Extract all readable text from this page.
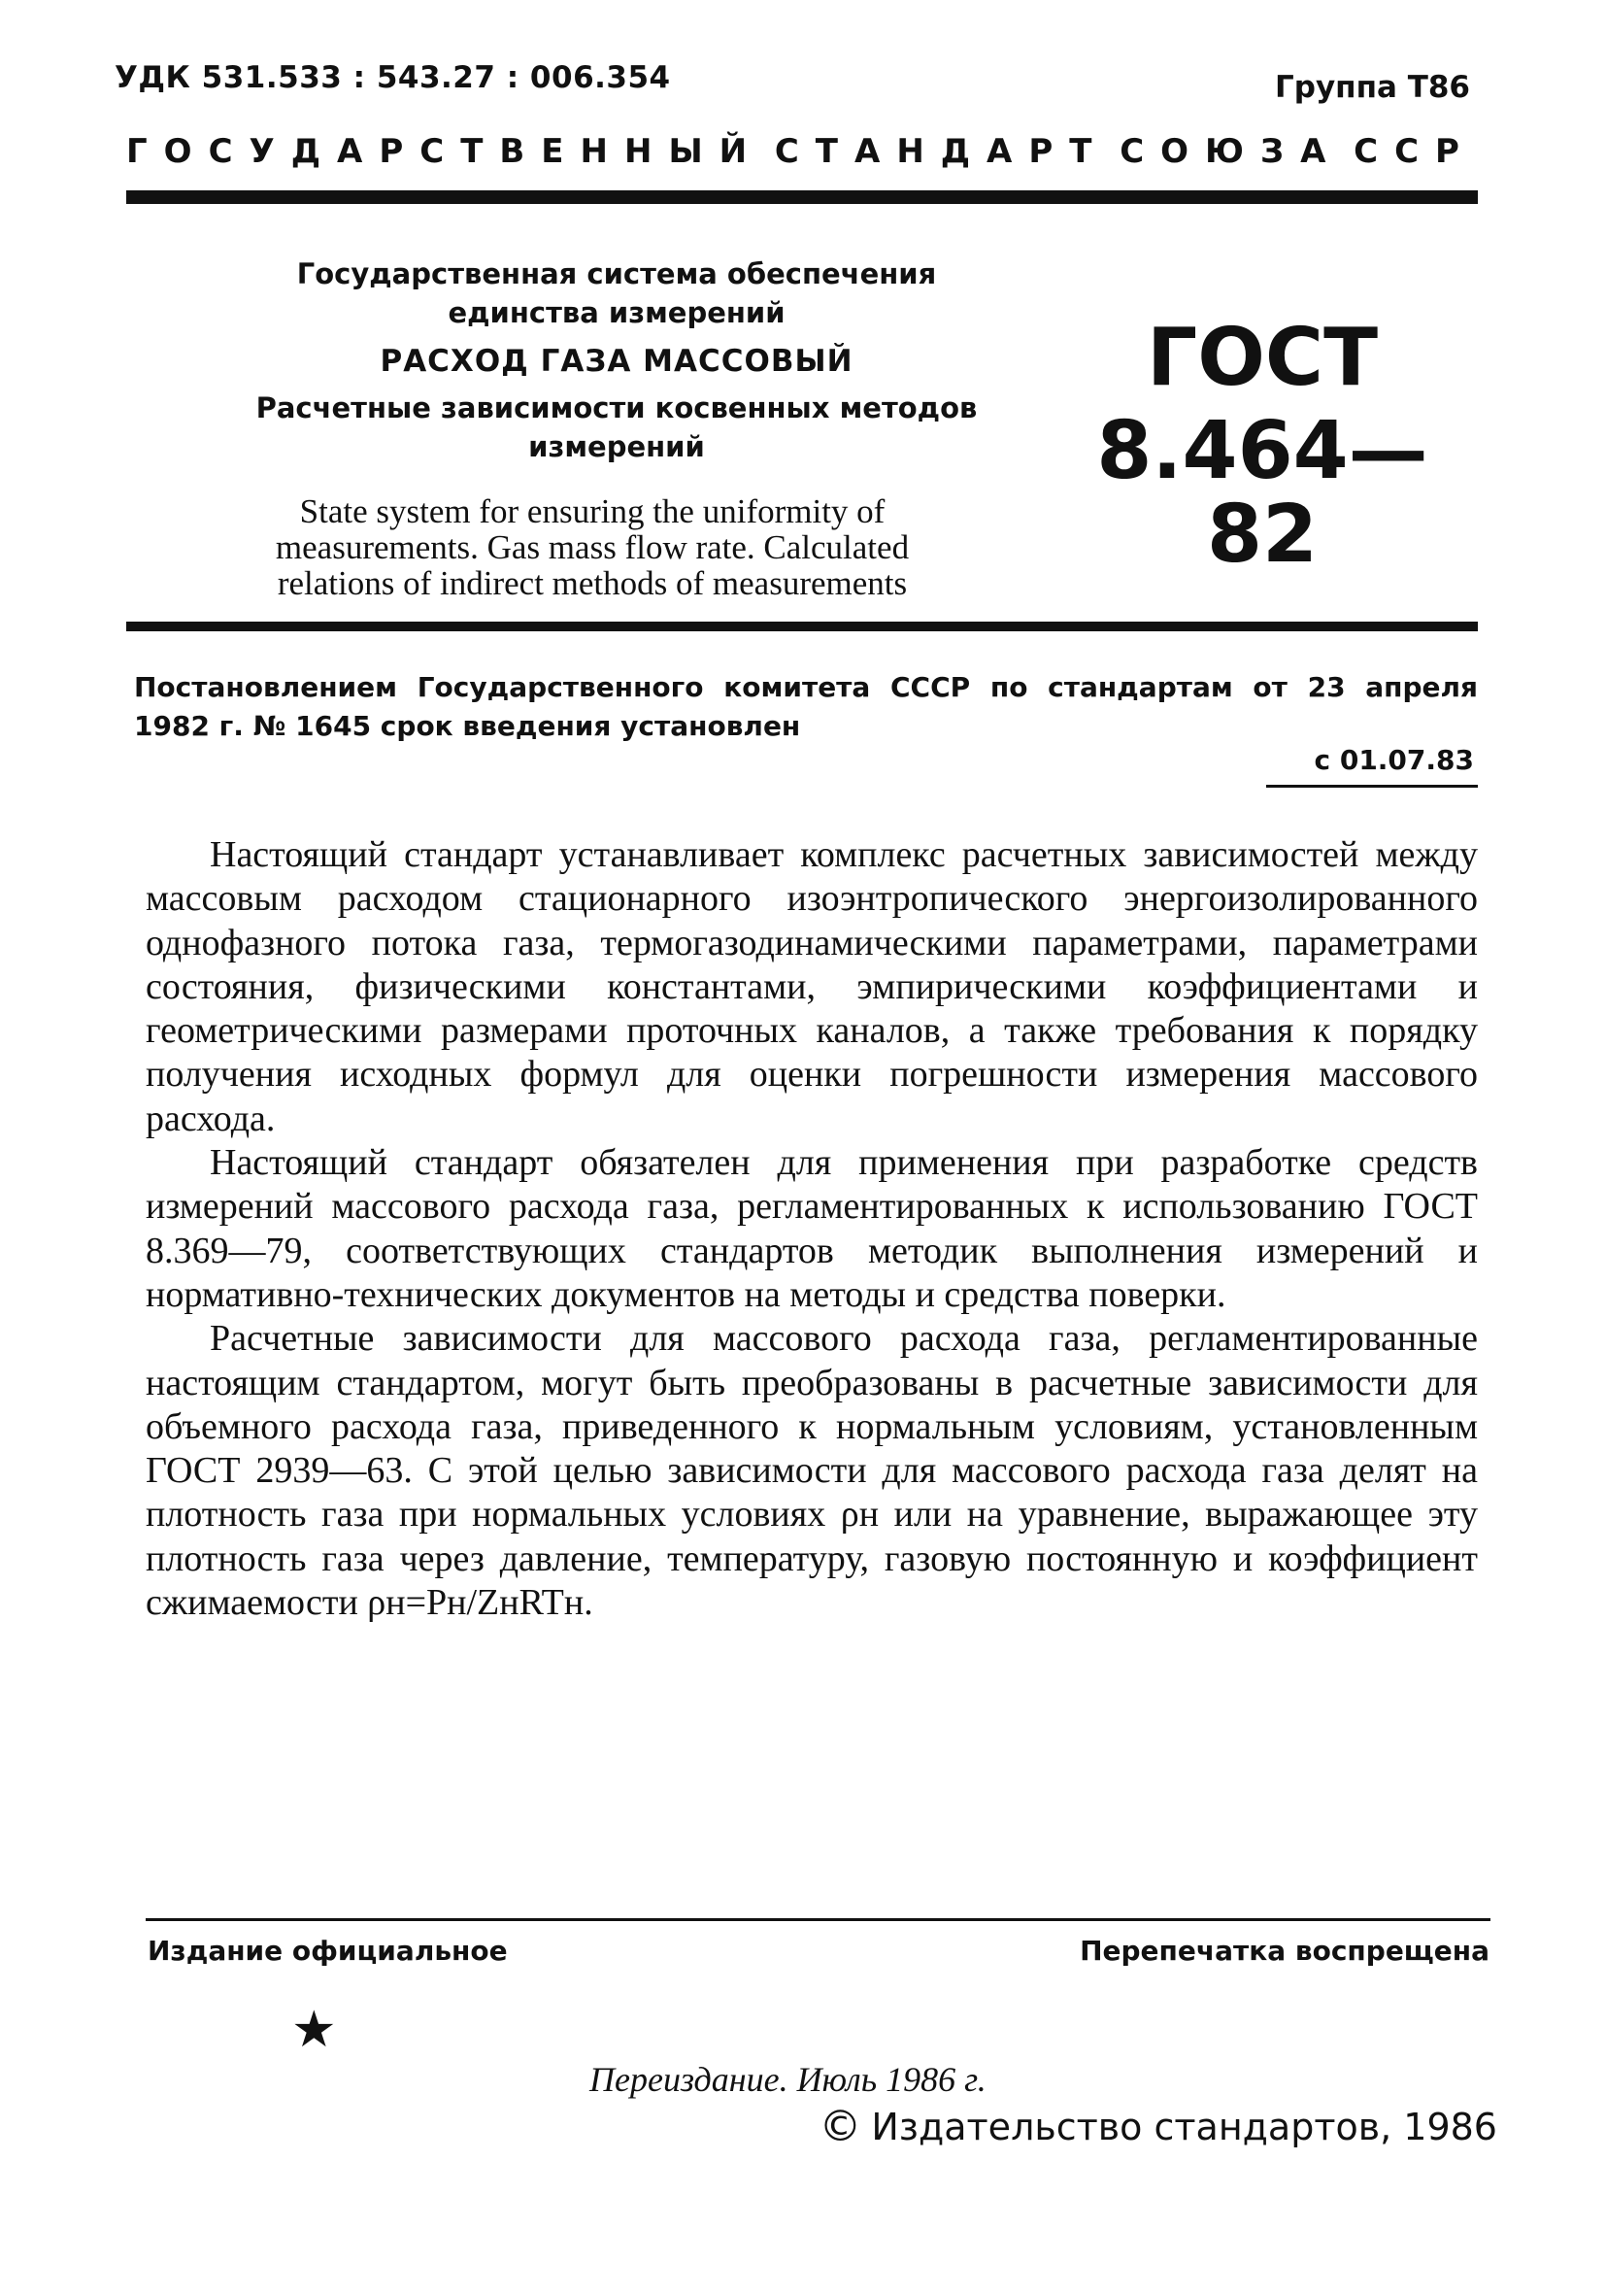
УДК 531.533 : 543.27 : 006.354	Группа Т86
ГОСУДАРСТВЕННЫЙ СТАНДАРТ СОЮЗА ССР
Государственная система обеспечения
единства измерений
РАСХОД ГАЗА МАССОВЫЙ
Расчетные зависимости косвенных методов
измерений
State system for ensuring the uniformity of
measurements. Gas mass flow rate. Calculated
relations of indirect methods of measurements
ГОСТ
8.464—82
Постановлением Государственного комитета СССР по стандартам от 23 апреля 1982 г. № 1645 срок введения установлен
с 01.07.83

Настоящий стандарт устанавливает комплекс расчетных зависимостей между массовым расходом стационарного изоэнтропического энергоизолированного однофазного потока газа, термогазодинамическими параметрами, параметрами состояния, физическими константами, эмпирическими коэффициентами и геометрическими размерами проточных каналов, а также требования к порядку получения исходных формул для оценки погрешности измерения массового расхода.

Настоящий стандарт обязателен для применения при разработке средств измерений массового расхода газа, регламентированных к использованию ГОСТ 8.369—79, соответствующих стандартов методик выполнения измерений и нормативно-технических документов на методы и средства поверки.

Расчетные зависимости для массового расхода газа, регламентированные настоящим стандартом, могут быть преобразованы в расчетные зависимости для объемного расхода газа, приведенного к нормальным условиям, установленным ГОСТ 2939—63. С этой целью зависимости для массового расхода газа делят на плотность газа при нормальных условиях ρн или на уравнение, выражающее эту плотность газа через давление, температуру, газовую постоянную и коэффициент сжимаемости ρн=Pн/ZнRTн.

Издание официальное	Перепечатка воспрещена
★
Переиздание. Июль 1986 г.
© Издательство стандартов, 1986
